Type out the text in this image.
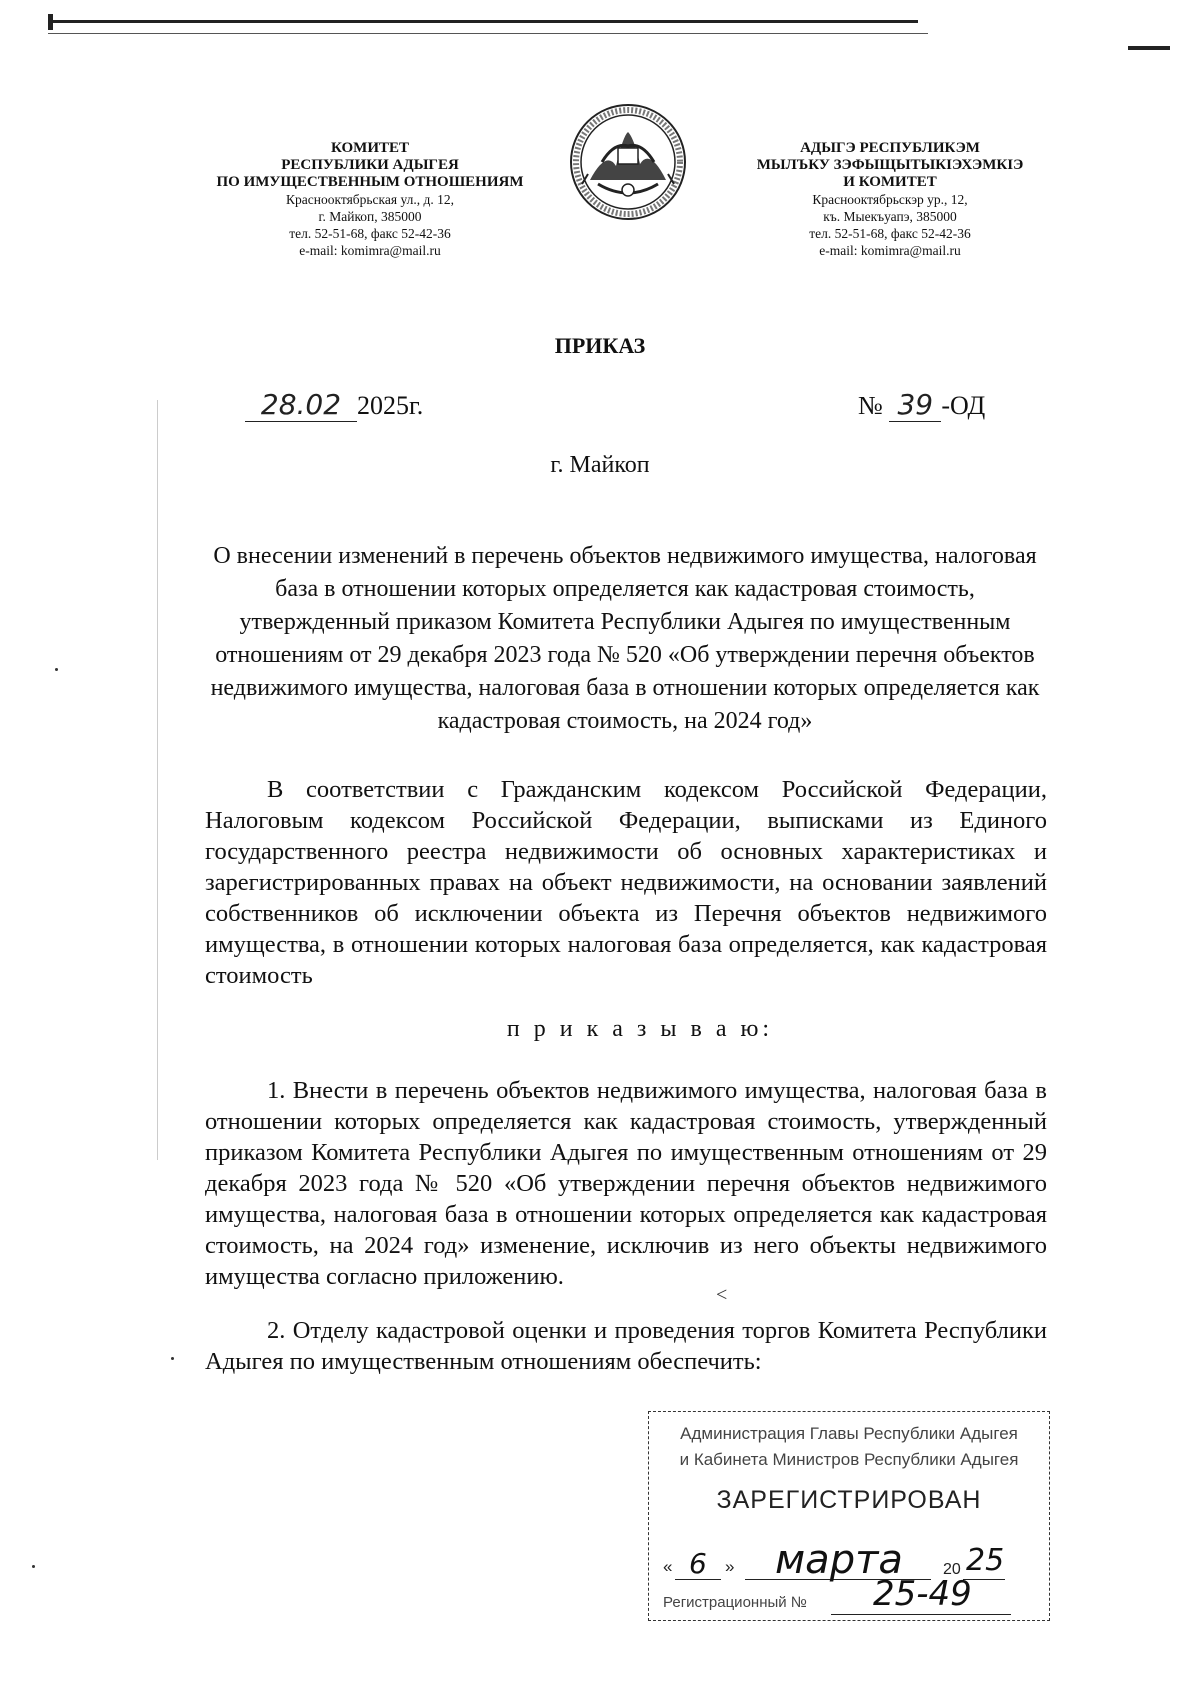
КОМИТЕТ
РЕСПУБЛИКИ АДЫГЕЯ
ПО ИМУЩЕСТВЕННЫМ ОТНОШЕНИЯМ
Краснооктябрьская ул., д. 12,
г. Майкоп, 385000
тел. 52-51-68, факс 52-42-36
e-mail: komimra@mail.ru
АДЫГЭ РЕСПУБЛИКЭМ
МЫЛЪКУ ЗЭФЫЩЫТЫКІЭХЭМКІЭ
И КОМИТЕТ
Краснооктябрьскэр ур., 12,
къ. Мыекъуапэ, 385000
тел. 52-51-68, факс 52-42-36
e-mail: komimra@mail.ru
ПРИКАЗ
28.02 2025г.	№ 39 -ОД
г. Майкоп
О внесении изменений в перечень объектов недвижимого имущества, налоговая база в отношении которых определяется как кадастровая стоимость, утвержденный приказом Комитета Республики Адыгея по имущественным отношениям от 29 декабря 2023 года № 520 «Об утверждении перечня объектов недвижимого имущества, налоговая база в отношении которых определяется как кадастровая стоимость, на 2024 год»
В соответствии с Гражданским кодексом Российской Федерации, Налоговым кодексом Российской Федерации, выписками из Единого государственного реестра недвижимости об основных характеристиках и зарегистрированных правах на объект недвижимости, на основании заявлений собственников об исключении объекта из Перечня объектов недвижимого имущества, в отношении которых налоговая база определяется, как кадастровая стоимость
п р и к а з ы в а ю:
1. Внести в перечень объектов недвижимого имущества, налоговая база в отношении которых определяется как кадастровая стоимость, утвержденный приказом Комитета Республики Адыгея по имущественным отношениям от 29 декабря 2023 года № 520 «Об утверждении перечня объектов недвижимого имущества, налоговая база в отношении которых определяется как кадастровая стоимость, на 2024 год» изменение, исключив из него объекты недвижимого имущества согласно приложению.
<
2. Отделу кадастровой оценки и проведения торгов Комитета Республики Адыгея по имущественным отношениям обеспечить:
Администрация Главы Республики Адыгея
и Кабинета Министров Республики Адыгея
ЗАРЕГИСТРИРОВАН
« 6 » марта	20 25
Регистрационный № 25-49
